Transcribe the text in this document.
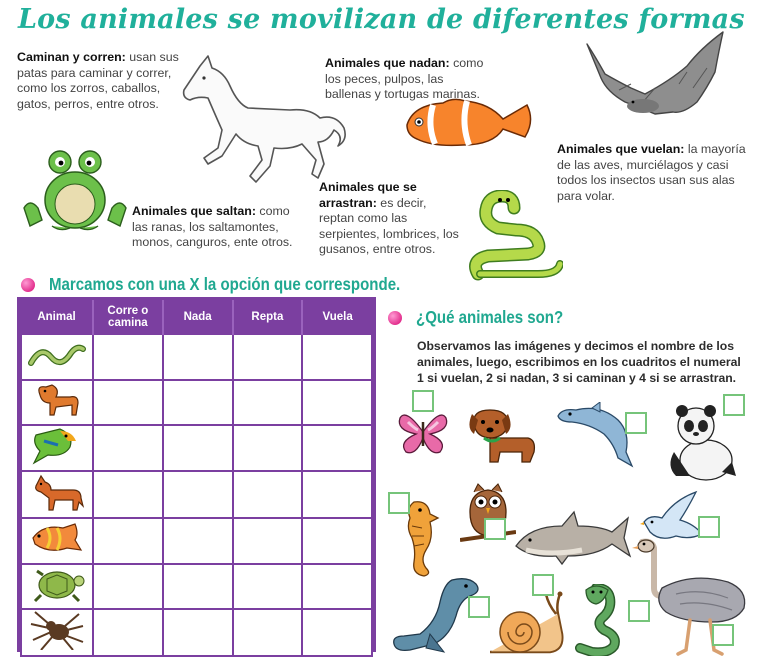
Los animales se movilizan de diferentes formas
Caminan y corren: usan sus patas para caminar y correr, como los zorros, caballos, gatos, perros, entre otros.
Animales que nadan: como los peces, pulpos, las ballenas y tortugas marinas.
Animales que vuelan: la mayoría de las aves, murciélagos y casi todos los insectos usan sus alas para volar.
Animales que saltan: como las ranas, los saltamontes, monos, canguros, ente otros.
Animales que se arrastran: es decir, reptan como las serpientes, lombrices, los gusanos, entre otros.
Marcamos con una X la opción que corresponde.
Animal	Corre o camina	Nada	Repta	Vuela

					¿Qué animales son?
Observamos las imágenes y decimos el nombre de los animales, luego, escribimos en los cuadritos el numeral 1 si vuelan, 2 si nadan, 3 si caminan y 4 si se arrastran.
